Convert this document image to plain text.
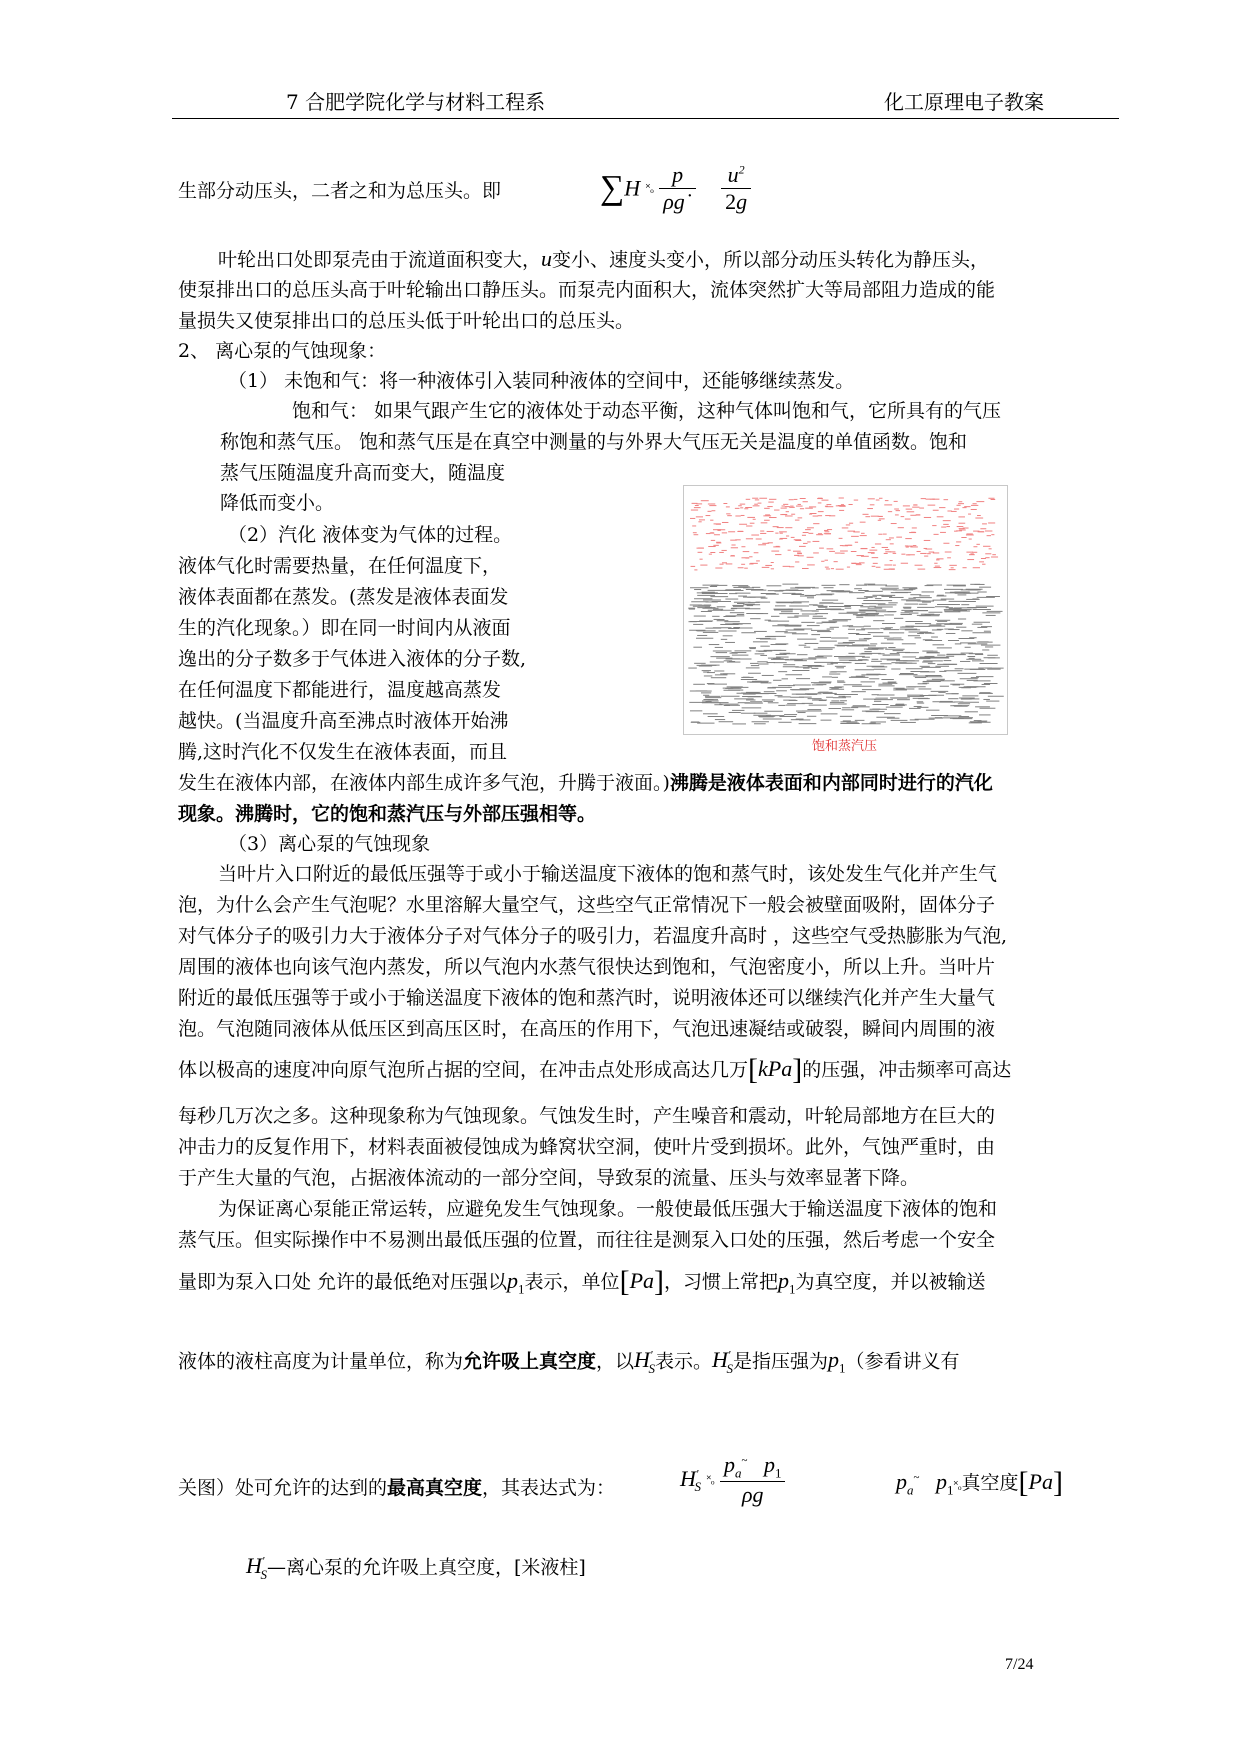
7 合肥学院化学与材料工程系	化工原理电子教案
生部分动压头，二者之和为总压头。即	∑H ˟ₒ $\frac{p}{\rho g˙}$
$\frac{u^2}{2g}$
叶轮出口处即泵壳由于流道面积变大，u变小、速度头变小，所以部分动压头转化为静压头，
使泵排出口的总压头高于叶轮输出口静压头。而泵壳内面积大，流体突然扩大等局部阻力造成的能
量损失又使泵排出口的总压头低于叶轮出口的总压头。
2、 离心泵的气蚀现象：
（1） 未饱和气：将一种液体引入装同种液体的空间中，还能够继续蒸发。
饱和气： 如果气跟产生它的液体处于动态平衡，这种气体叫饱和气，它所具有的气压
称饱和蒸气压。 饱和蒸气压是在真空中测量的与外界大气压无关是温度的单值函数。饱和
蒸气压随温度升高而变大，随温度
降低而变小。
（2）汽化 液体变为气体的过程。
液体气化时需要热量，在任何温度下，
液体表面都在蒸发。(蒸发是液体表面发
生的汽化现象。）即在同一时间内从液面
逸出的分子数多于气体进入液体的分子数,
在任何温度下都能进行，温度越高蒸发
越快。(当温度升高至沸点时液体开始沸
腾,这时汽化不仅发生在液体表面，而且
发生在液体内部，在液体内部生成许多气泡，升腾于液面。)沸腾是液体表面和内部同时进行的汽化
现象。沸腾时，它的饱和蒸汽压与外部压强相等。
（3）离心泵的气蚀现象
饱和蒸汽压
当叶片入口附近的最低压强等于或小于输送温度下液体的饱和蒸气时，该处发生气化并产生气
泡，为什么会产生气泡呢？水里溶解大量空气，这些空气正常情况下一般会被壁面吸附，固体分子
对气体分子的吸引力大于液体分子对气体分子的吸引力，若温度升高时 ，这些空气受热膨胀为气泡,
周围的液体也向该气泡内蒸发，所以气泡内水蒸气很快达到饱和，气泡密度小，所以上升。当叶片
附近的最低压强等于或小于输送温度下液体的饱和蒸汽时，说明液体还可以继续汽化并产生大量气
泡。气泡随同液体从低压区到高压区时，在高压的作用下，气泡迅速凝结或破裂，瞬间内周围的液
体以极高的速度冲向原气泡所占据的空间，在冲击点处形成高达几万[kPa]的压强，冲击频率可高达
每秒几万次之多。这种现象称为气蚀现象。气蚀发生时，产生噪音和震动，叶轮局部地方在巨大的
冲击力的反复作用下，材料表面被侵蚀成为蜂窝状空洞，使叶片受到损坏。此外，气蚀严重时，由
于产生大量的气泡，占据液体流动的一部分空间，导致泵的流量、压头与效率显著下降。
为保证离心泵能正常运转，应避免发生气蚀现象。一般使最低压强大于输送温度下液体的饱和
蒸气压。但实际操作中不易测出最低压强的位置，而往往是测泵入口处的压强，然后考虑一个安全
量即为泵入口处 允许的最低绝对压强以$p_1$表示，单位[Pa]，习惯上常把$p_1$为真空度，并以被输送
液体的液柱高度为计量单位，称为允许吸上真空度，以$H'_S$表示。$H'_S$是指压强为$p_1$（参看讲义有
关图）处可允许的达到的最高真空度，其表达式为：	$H'_S$ ˟ₒ $\frac{p_a^\sim p_1}{\rho g}$	$p_a^\sim$   $p_1˟_o$真空度[Pa]
$H'_S—$离心泵的允许吸上真空度，[米液柱]
7/24
